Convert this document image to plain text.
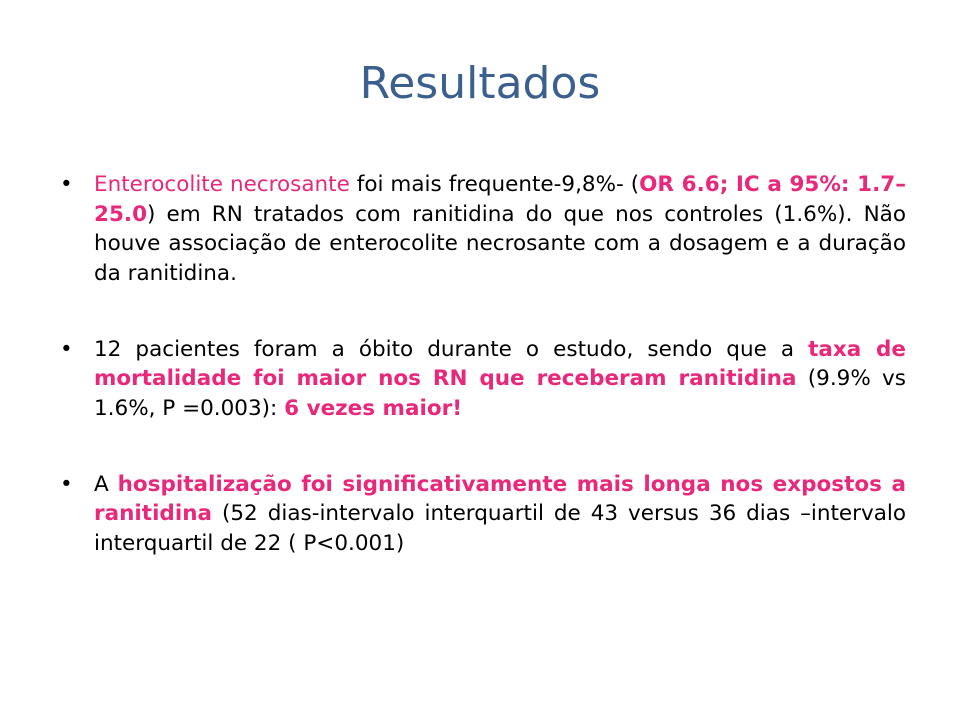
Resultados
• Enterocolite necrosante foi mais frequente-9,8%- (OR 6.6; IC a 95%: 1.7–25.0) em RN tratados com ranitidina do que nos controles (1.6%). Não houve associação de enterocolite necrosante com a dosagem e a duração da ranitidina.
• 12 pacientes foram a óbito durante o estudo, sendo que a taxa de mortalidade foi maior nos RN que receberam ranitidina (9.9% vs 1.6%, P =0.003): 6 vezes maior!
• A hospitalização foi significativamente mais longa nos expostos a ranitidina (52 dias-intervalo interquartil de 43 versus 36 dias –intervalo interquartil de 22 ( P<0.001)
